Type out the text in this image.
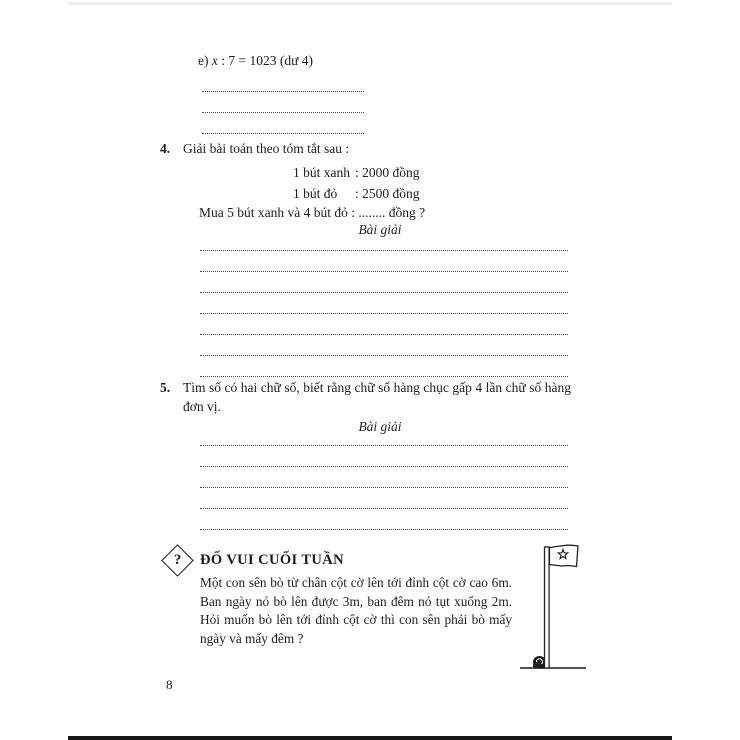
e) x : 7 = 1023 (dư 4)
4. Giải bài toán theo tóm tắt sau :
1 bút xanh : 2000 đồng
1 bút đỏ : 2500 đồng
Mua 5 bút xanh và 4 bút đỏ : ........ đồng ?
Bài giải
5. Tìm số có hai chữ số, biết rằng chữ số hàng chục gấp 4 lần chữ số hàng đơn vị.
Bài giải
? ĐỐ VUI CUỐI TUẦN
Một con sên bò từ chân cột cờ lên tới đỉnh cột cờ cao 6m. Ban ngày nó bò lên được 3m, ban đêm nó tụt xuống 2m. Hỏi muốn bò lên tới đỉnh cột cờ thì con sên phải bò mấy ngày và mấy đêm ?
8
